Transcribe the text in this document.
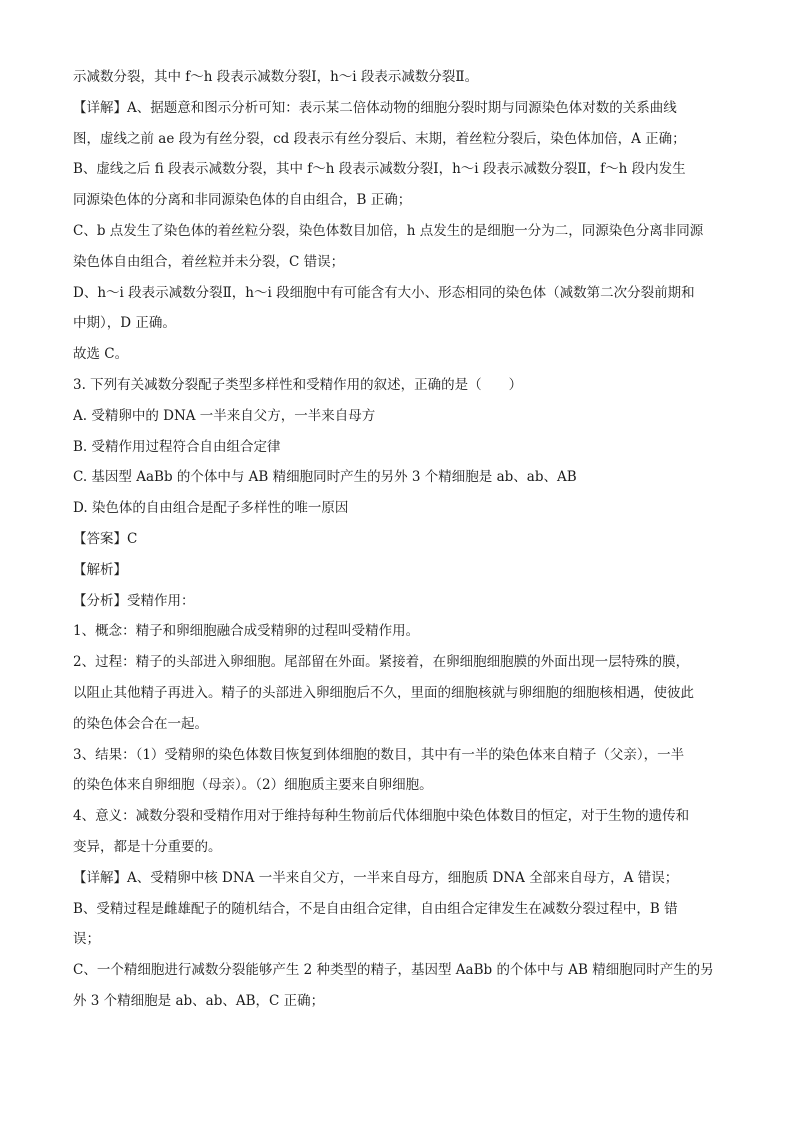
示减数分裂，其中 f～h 段表示减数分裂Ⅰ，h～i 段表示减数分裂Ⅱ。
【详解】A、据题意和图示分析可知：表示某二倍体动物的细胞分裂时期与同源染色体对数的关系曲线
图，虚线之前 ae 段为有丝分裂，cd 段表示有丝分裂后、末期，着丝粒分裂后，染色体加倍，A 正确；
B、虚线之后 fi 段表示减数分裂，其中 f～h 段表示减数分裂Ⅰ，h～i 段表示减数分裂Ⅱ，f～h 段内发生
同源染色体的分离和非同源染色体的自由组合，B 正确；
C、b 点发生了染色体的着丝粒分裂，染色体数目加倍，h 点发生的是细胞一分为二，同源染色分离非同源
染色体自由组合，着丝粒并未分裂，C 错误；
D、h～i 段表示减数分裂Ⅱ，h～i 段细胞中有可能含有大小、形态相同的染色体（减数第二次分裂前期和
中期），D 正确。
故选 C。
3. 下列有关减数分裂配子类型多样性和受精作用的叙述，正确的是（　　）
A. 受精卵中的 DNA 一半来自父方，一半来自母方
B. 受精作用过程符合自由组合定律
C. 基因型 AaBb 的个体中与 AB 精细胞同时产生的另外 3 个精细胞是 ab、ab、AB
D. 染色体的自由组合是配子多样性的唯一原因
【答案】C
【解析】
【分析】受精作用：
1、概念：精子和卵细胞融合成受精卵的过程叫受精作用。
2、过程：精子的头部进入卵细胞。尾部留在外面。紧接着，在卵细胞细胞膜的外面出现一层特殊的膜，
以阻止其他精子再进入。精子的头部进入卵细胞后不久，里面的细胞核就与卵细胞的细胞核相遇，使彼此
的染色体会合在一起。
3、结果：（1）受精卵的染色体数目恢复到体细胞的数目，其中有一半的染色体来自精子（父亲），一半
的染色体来自卵细胞（母亲）。（2）细胞质主要来自卵细胞。
4、意义：减数分裂和受精作用对于维持每种生物前后代体细胞中染色体数目的恒定，对于生物的遗传和
变异，都是十分重要的。
【详解】A、受精卵中核 DNA 一半来自父方，一半来自母方，细胞质 DNA 全部来自母方，A 错误；
B、受精过程是雌雄配子的随机结合，不是自由组合定律，自由组合定律发生在减数分裂过程中，B 错
误；
C、一个精细胞进行减数分裂能够产生 2 种类型的精子，基因型 AaBb 的个体中与 AB 精细胞同时产生的另
外 3 个精细胞是 ab、ab、AB，C 正确；
